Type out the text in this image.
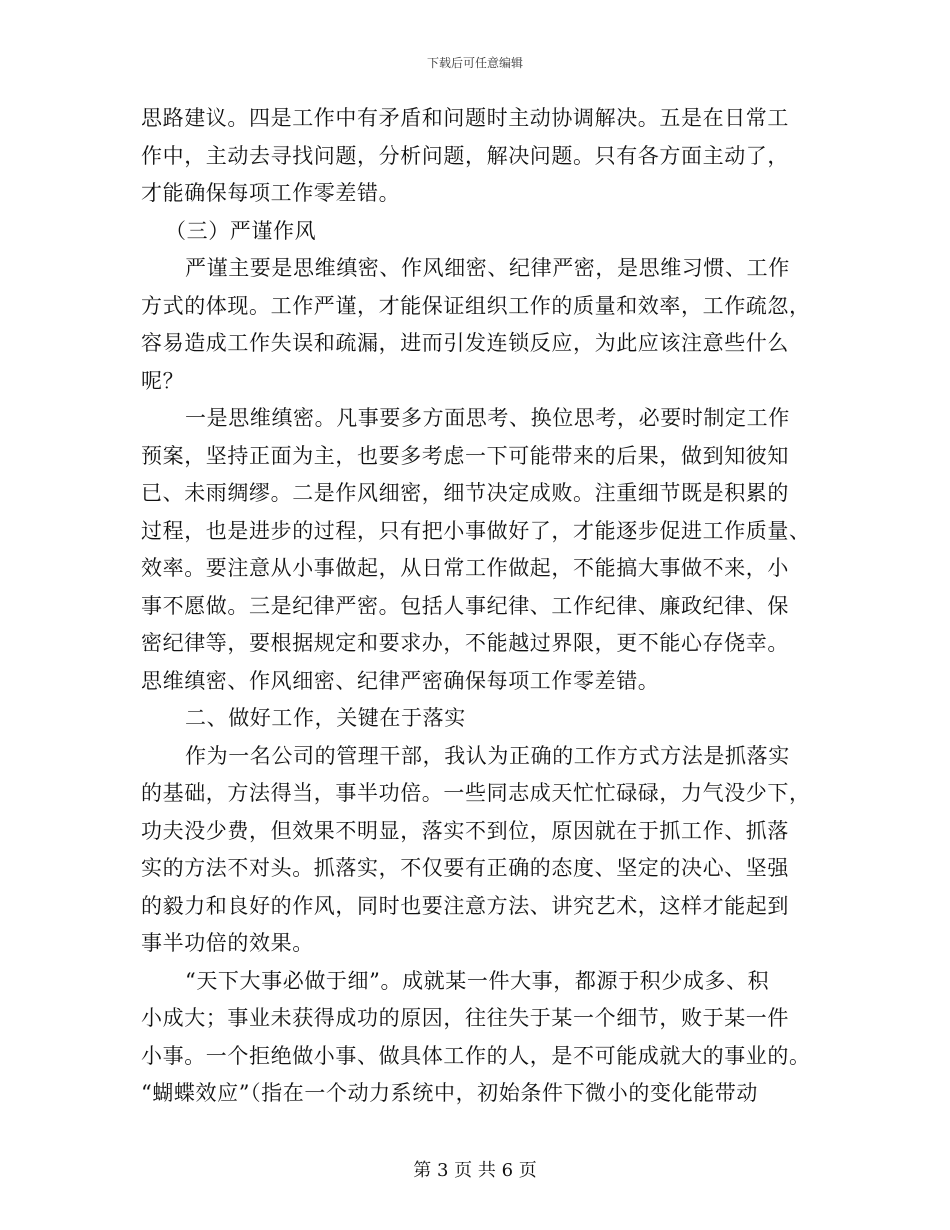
下载后可任意编辑

思路建议。四是工作中有矛盾和问题时主动协调解决。五是在日常工
作中，主动去寻找问题，分析问题，解决问题。只有各方面主动了，
才能确保每项工作零差错。

（三）严谨作风

严谨主要是思维缜密、作风细密、纪律严密，是思维习惯、工作
方式的体现。工作严谨，才能保证组织工作的质量和效率，工作疏忽，
容易造成工作失误和疏漏，进而引发连锁反应，为此应该注意些什么
呢？

一是思维缜密。凡事要多方面思考、换位思考，必要时制定工作
预案，坚持正面为主，也要多考虑一下可能带来的后果，做到知彼知
已、未雨绸缪。二是作风细密，细节决定成败。注重细节既是积累的
过程，也是进步的过程，只有把小事做好了，才能逐步促进工作质量、
效率。要注意从小事做起，从日常工作做起，不能搞大事做不来，小
事不愿做。三是纪律严密。包括人事纪律、工作纪律、廉政纪律、保
密纪律等，要根据规定和要求办，不能越过界限，更不能心存侥幸。
思维缜密、作风细密、纪律严密确保每项工作零差错。

二、做好工作，关键在于落实

作为一名公司的管理干部，我认为正确的工作方式方法是抓落实
的基础，方法得当，事半功倍。一些同志成天忙忙碌碌，力气没少下，
功夫没少费，但效果不明显，落实不到位，原因就在于抓工作、抓落
实的方法不对头。抓落实，不仅要有正确的态度、坚定的决心、坚强
的毅力和良好的作风，同时也要注意方法、讲究艺术，这样才能起到
事半功倍的效果。

“天下大事必做于细”。成就某一件大事，都源于积少成多、积
小成大；事业未获得成功的原因，往往失于某一个细节，败于某一件
小事。一个拒绝做小事、做具体工作的人，是不可能成就大的事业的。
“蝴蝶效应”（指在一个动力系统中，初始条件下微小的变化能带动

第 3 页 共 6 页
